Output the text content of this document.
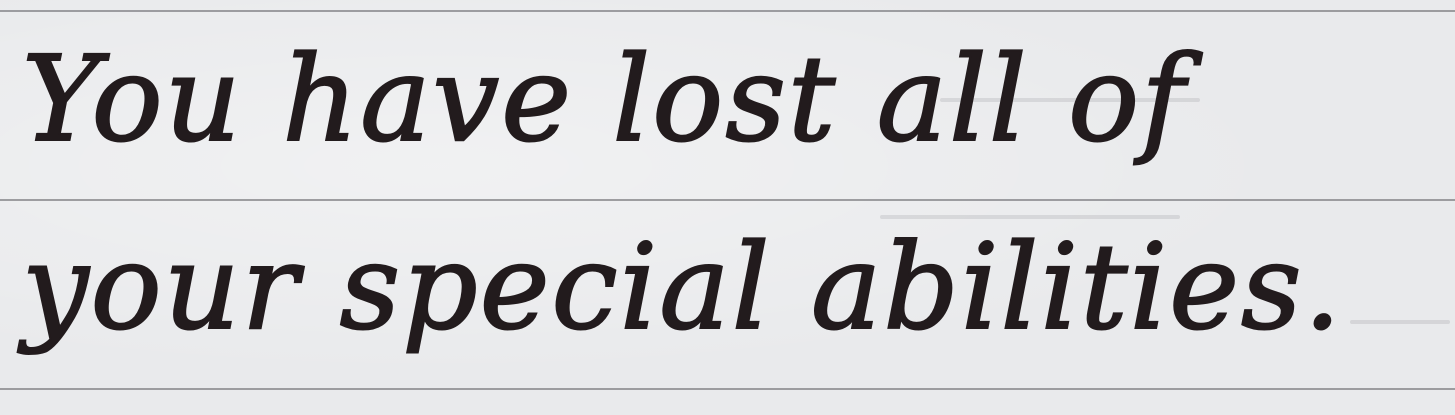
You have lost all of

your special abilities.
